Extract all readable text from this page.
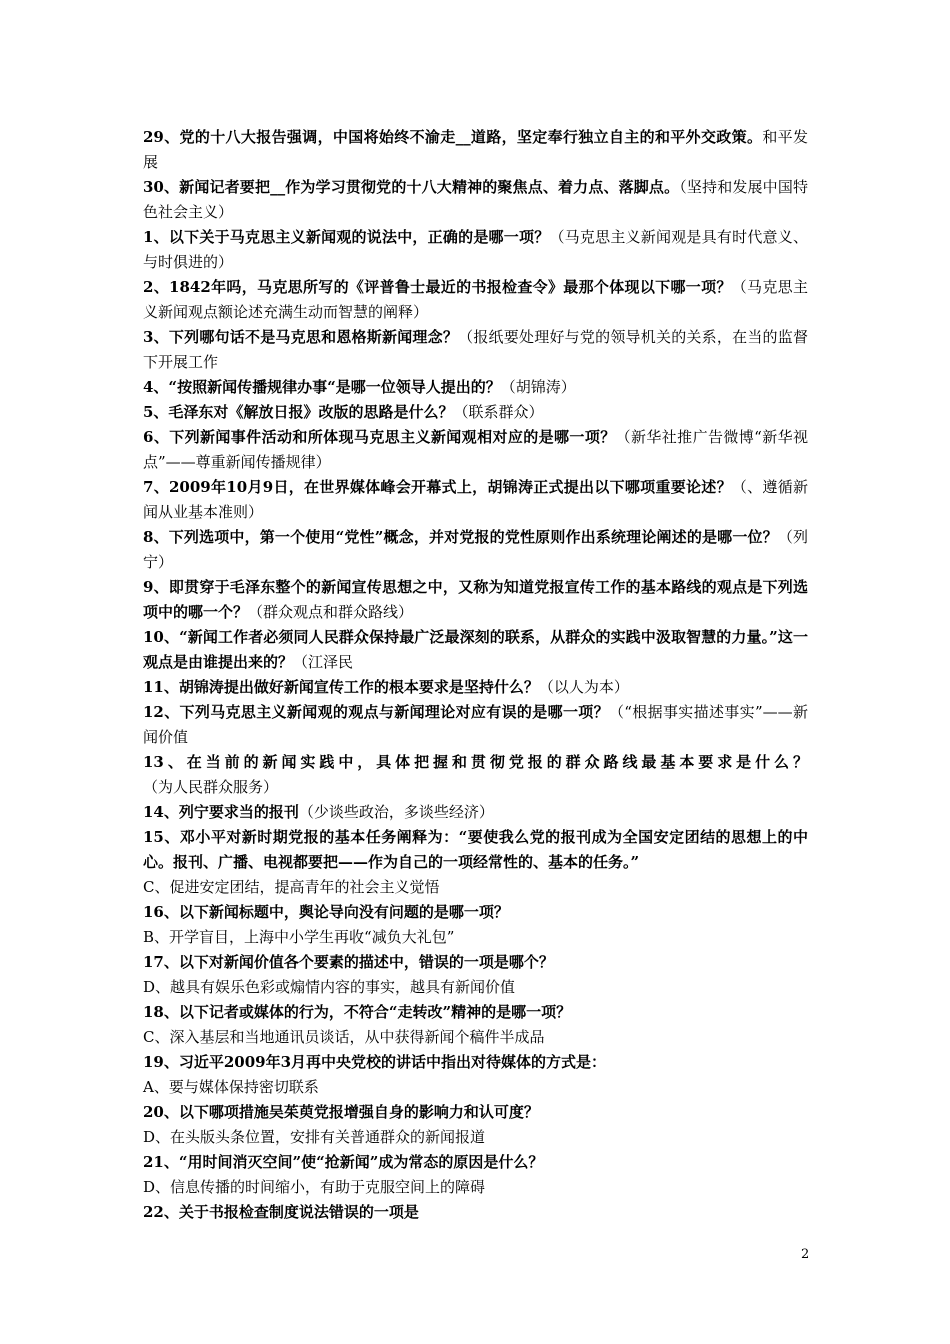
29、党的十八大报告强调，中国将始终不渝走__道路，坚定奉行独立自主的和平外交政策。和平发展

30、新闻记者要把__作为学习贯彻党的十八大精神的聚焦点、着力点、落脚点。（坚持和发展中国特色社会主义）

1、以下关于马克思主义新闻观的说法中，正确的是哪一项？（马克思主义新闻观是具有时代意义、与时俱进的）

2、1842年吗，马克思所写的《评普鲁士最近的书报检查令》最那个体现以下哪一项？（马克思主义新闻观点额论述充满生动而智慧的阐释）

3、下列哪句话不是马克思和恩格斯新闻理念？（报纸要处理好与党的领导机关的关系，在当的监督下开展工作

4、“按照新闻传播规律办事“是哪一位领导人提出的？（胡锦涛）

5、毛泽东对《解放日报》改版的思路是什么？（联系群众）

6、下列新闻事件活动和所体现马克思主义新闻观相对应的是哪一项？（新华社推广告微博“新华视点”——尊重新闻传播规律）

7、2009年10月9日，在世界媒体峰会开幕式上，胡锦涛正式提出以下哪项重要论述？（、遵循新闻从业基本准则）

8、下列选项中，第一个使用“党性”概念，并对党报的党性原则作出系统理论阐述的是哪一位？（列宁）

9、即贯穿于毛泽东整个的新闻宣传思想之中，又称为知道党报宣传工作的基本路线的观点是下列选项中的哪一个？（群众观点和群众路线）

10、“新闻工作者必须同人民群众保持最广泛最深刻的联系，从群众的实践中汲取智慧的力量。”这一观点是由谁提出来的？（江泽民

11、胡锦涛提出做好新闻宣传工作的根本要求是坚持什么？（以人为本）

12、下列马克思主义新闻观的观点与新闻理论对应有误的是哪一项？（“根据事实描述事实”——新闻价值

13、在当前的新闻实践中，具体把握和贯彻党报的群众路线最基本要求是什么？（为人民群众服务）

14、列宁要求当的报刊（少谈些政治，多谈些经济）

15、邓小平对新时期党报的基本任务阐释为：“要使我么党的报刊成为全国安定团结的思想上的中心。报刊、广播、电视都要把——作为自己的一项经常性的、基本的任务。”

C、促进安定团结，提高青年的社会主义觉悟

16、以下新闻标题中，舆论导向没有问题的是哪一项？

B、开学盲目，上海中小学生再收“减负大礼包”

17、以下对新闻价值各个要素的描述中，错误的一项是哪个？

D、越具有娱乐色彩或煽情内容的事实，越具有新闻价值

18、以下记者或媒体的行为，不符合“走转改”精神的是哪一项？

C、深入基层和当地通讯员谈话，从中获得新闻个稿件半成品

19、习近平2009年3月再中央党校的讲话中指出对待媒体的方式是：

A、要与媒体保持密切联系

20、以下哪项措施吴茱萸党报增强自身的影响力和认可度？

D、在头版头条位置，安排有关普通群众的新闻报道

21、“用时间消灭空间”使“抢新闻”成为常态的原因是什么？

D、信息传播的时间缩小，有助于克服空间上的障碍

22、关于书报检查制度说法错误的一项是

2
